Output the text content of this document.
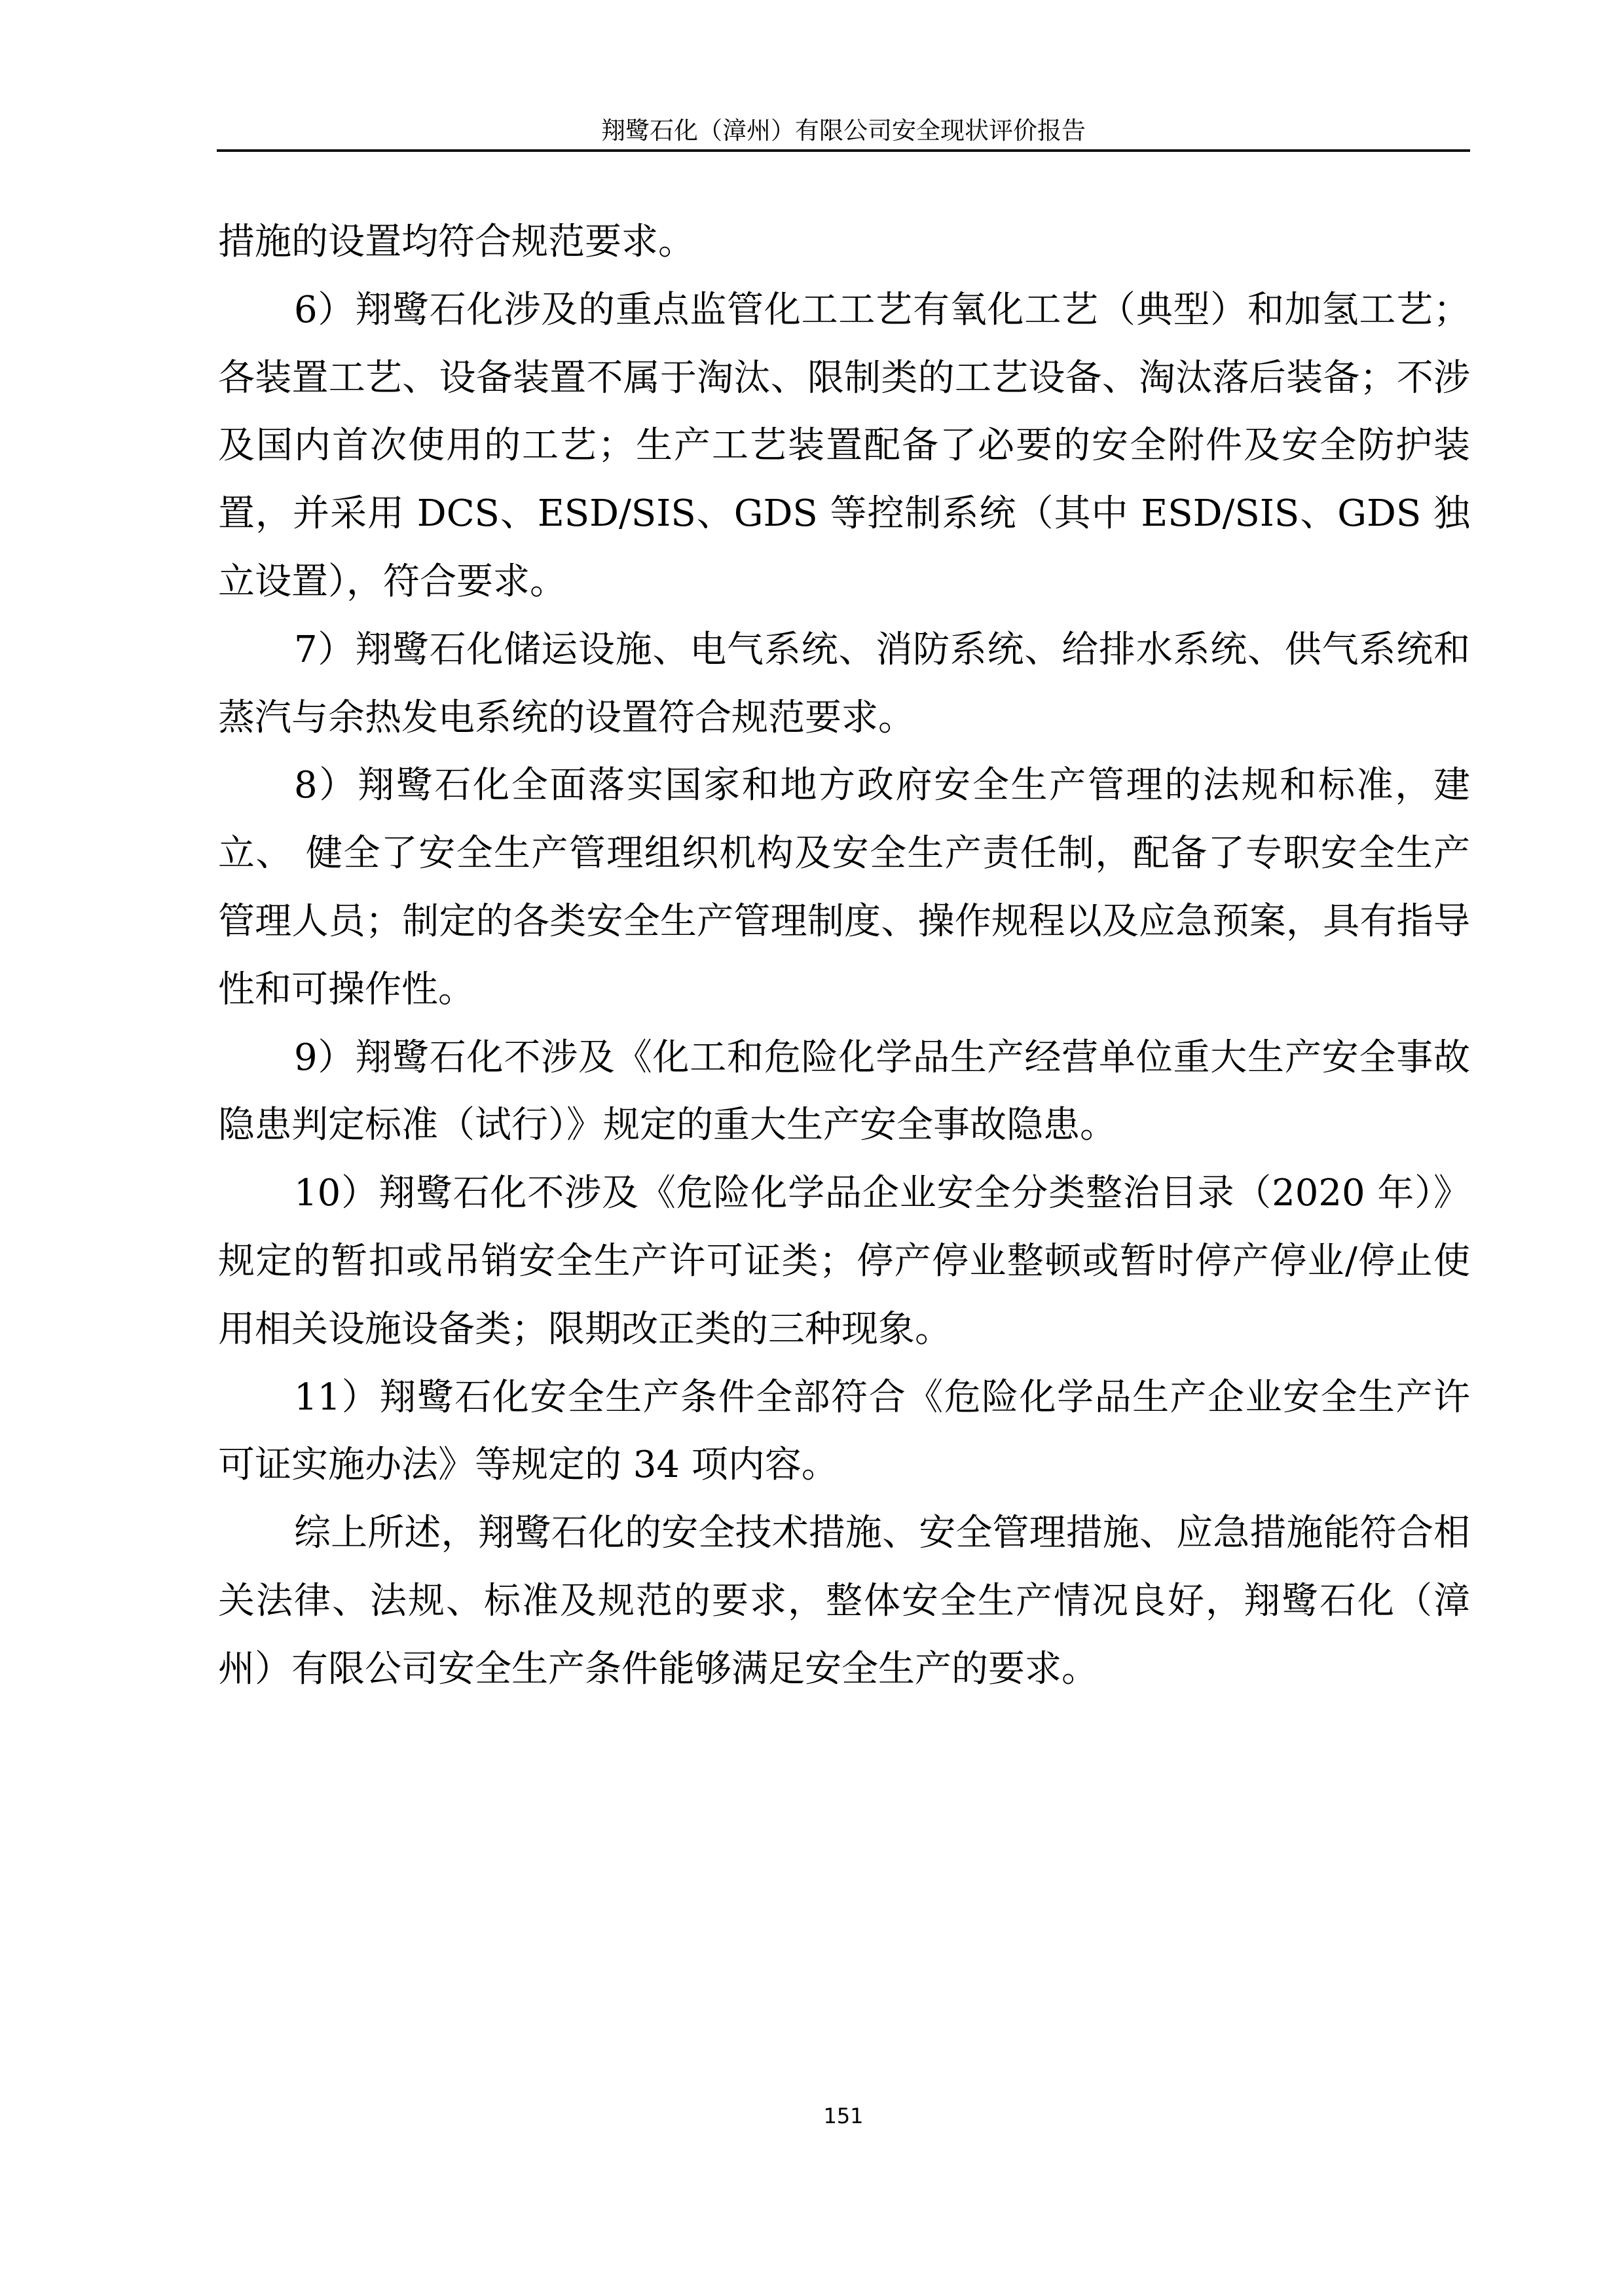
翔鹭石化（漳州）有限公司安全现状评价报告

措施的设置均符合规范要求。

6）翔鹭石化涉及的重点监管化工工艺有氧化工艺（典型）和加氢工艺；各装置工艺、设备装置不属于淘汰、限制类的工艺设备、淘汰落后装备；不涉及国内首次使用的工艺；生产工艺装置配备了必要的安全附件及安全防护装置，并采用 DCS、ESD/SIS、GDS 等控制系统（其中 ESD/SIS、GDS 独立设置），符合要求。

7）翔鹭石化储运设施、电气系统、消防系统、给排水系统、供气系统和蒸汽与余热发电系统的设置符合规范要求。

8）翔鹭石化全面落实国家和地方政府安全生产管理的法规和标准，建立、 健全了安全生产管理组织机构及安全生产责任制，配备了专职安全生产管理人员；制定的各类安全生产管理制度、操作规程以及应急预案，具有指导性和可操作性。

9）翔鹭石化不涉及《化工和危险化学品生产经营单位重大生产安全事故隐患判定标准（试行）》规定的重大生产安全事故隐患。

10）翔鹭石化不涉及《危险化学品企业安全分类整治目录（2020 年）》规定的暂扣或吊销安全生产许可证类；停产停业整顿或暂时停产停业/停止使用相关设施设备类；限期改正类的三种现象。

11）翔鹭石化安全生产条件全部符合《危险化学品生产企业安全生产许可证实施办法》等规定的 34 项内容。

综上所述，翔鹭石化的安全技术措施、安全管理措施、应急措施能符合相关法律、法规、标准及规范的要求，整体安全生产情况良好，翔鹭石化（漳州）有限公司安全生产条件能够满足安全生产的要求。

151
